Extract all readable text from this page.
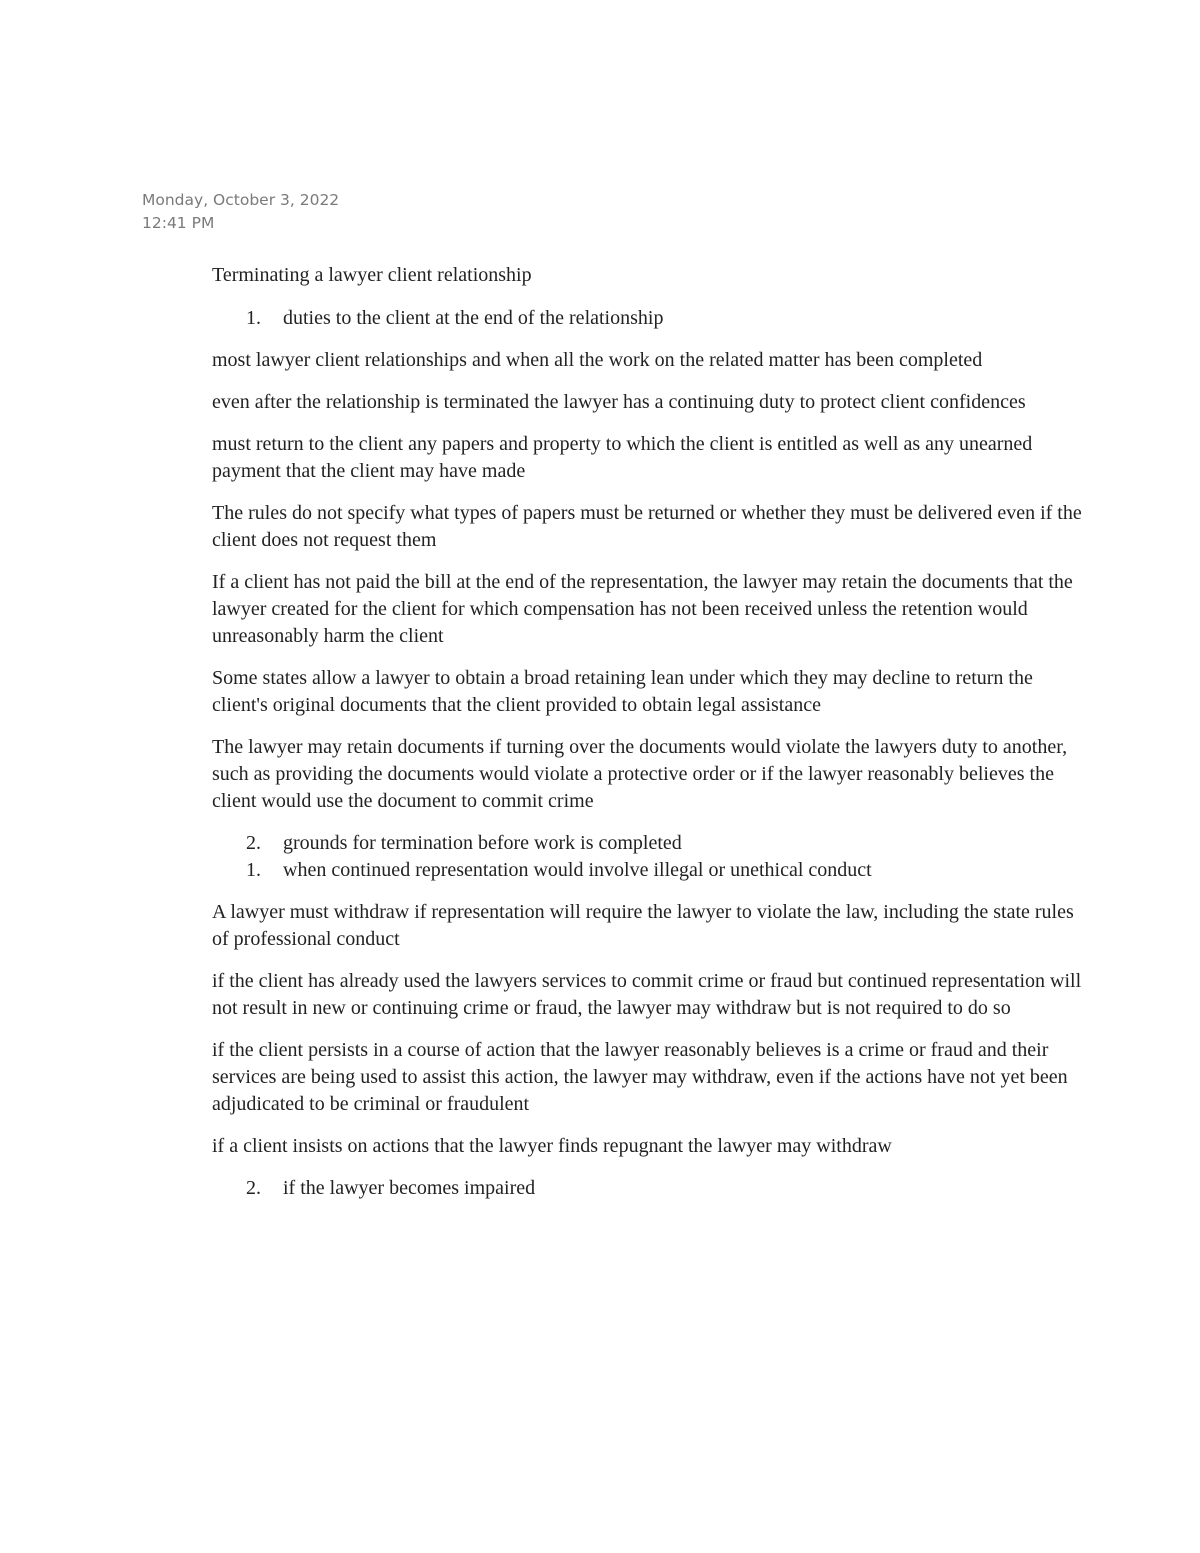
Monday, October 3, 2022
12:41 PM

Terminating a lawyer client relationship

1. duties to the client at the end of the relationship

most lawyer client relationships and when all the work on the related matter has been completed

even after the relationship is terminated the lawyer has a continuing duty to protect client confidences

must return to the client any papers and property to which the client is entitled as well as any unearned payment that the client may have made

The rules do not specify what types of papers must be returned or whether they must be delivered even if the client does not request them

If a client has not paid the bill at the end of the representation, the lawyer may retain the documents that the lawyer created for the client for which compensation has not been received unless the retention would unreasonably harm the client

Some states allow a lawyer to obtain a broad retaining lean under which they may decline to return the client's original documents that the client provided to obtain legal assistance

The lawyer may retain documents if turning over the documents would violate the lawyers duty to another, such as providing the documents would violate a protective order or if the lawyer reasonably believes the client would use the document to commit crime

2. grounds for termination before work is completed
1. when continued representation would involve illegal or unethical conduct

A lawyer must withdraw if representation will require the lawyer to violate the law, including the state rules of professional conduct

if the client has already used the lawyers services to commit crime or fraud but continued representation will not result in new or continuing crime or fraud, the lawyer may withdraw but is not required to do so

if the client persists in a course of action that the lawyer reasonably believes is a crime or fraud and their services are being used to assist this action, the lawyer may withdraw, even if the actions have not yet been adjudicated to be criminal or fraudulent

if a client insists on actions that the lawyer finds repugnant the lawyer may withdraw

2. if the lawyer becomes impaired
